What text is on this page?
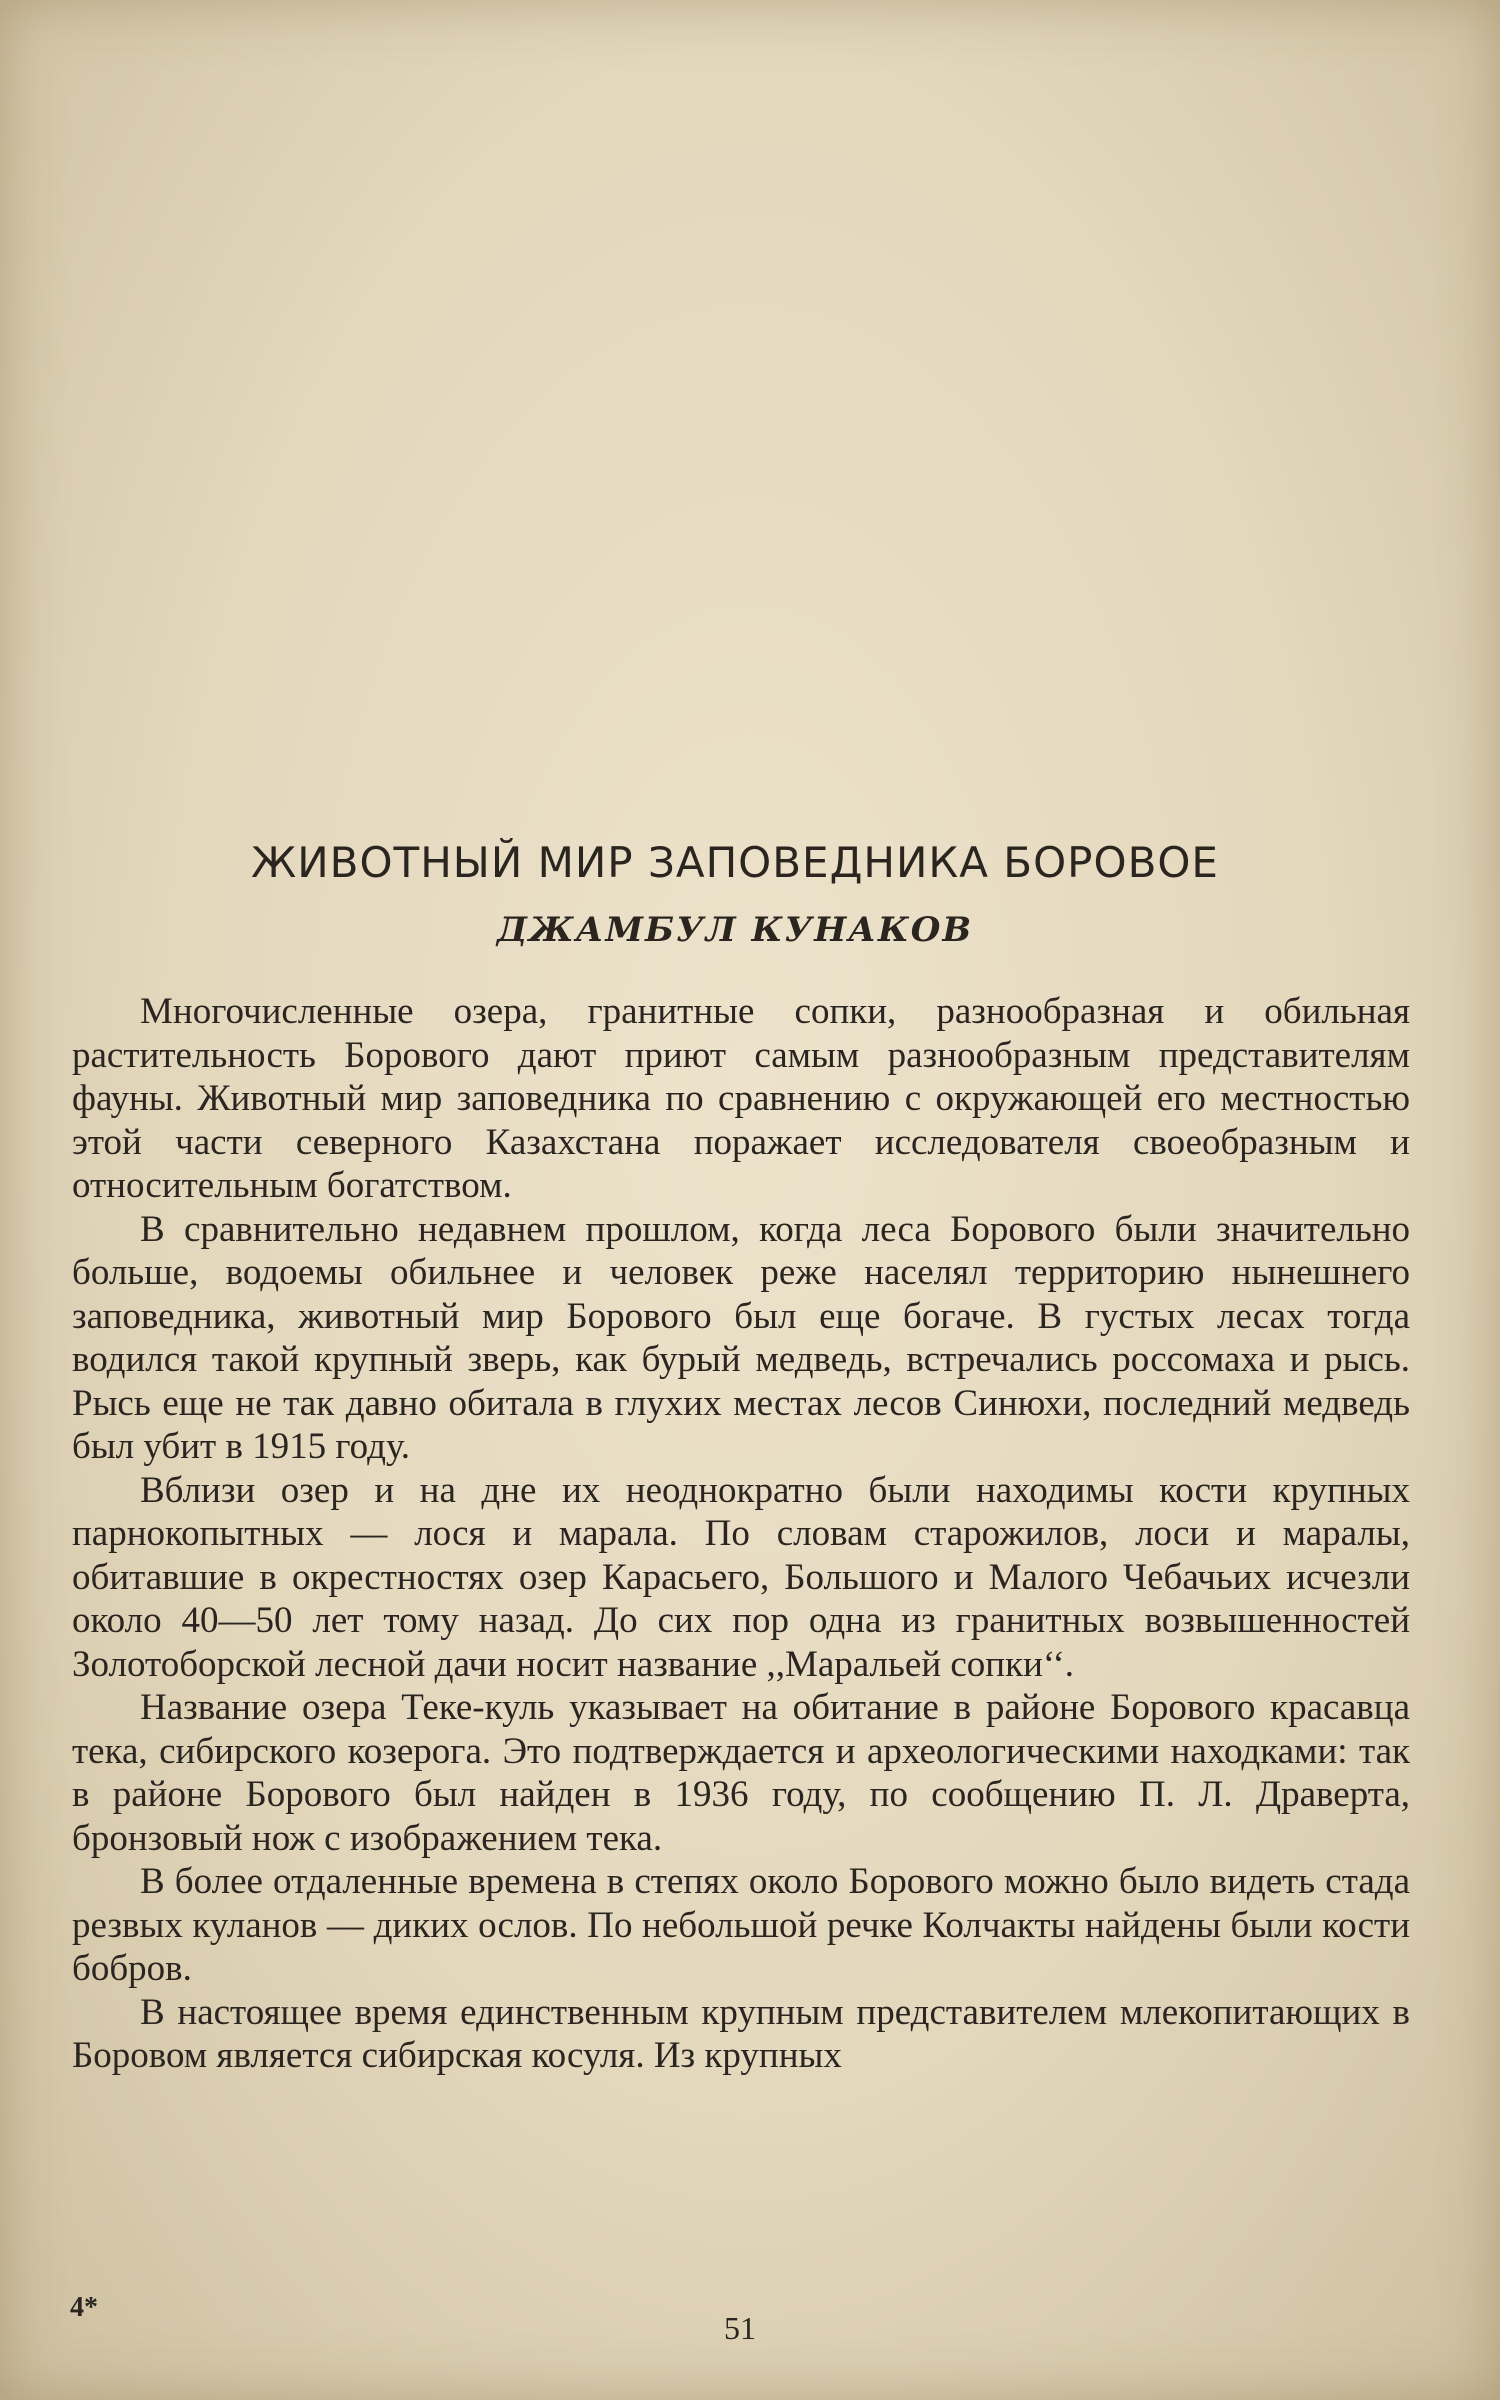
ЖИВОТНЫЙ МИР ЗАПОВЕДНИКА БОРОВОЕ
ДЖАМБУЛ КУНАКОВ

Многочисленные озера, гранитные сопки, разнообразная и обильная растительность Борового дают приют самым разнообразным представителям фауны. Животный мир заповедника по сравнению с окружающей его местностью этой части северного Казахстана поражает исследователя своеобразным и относительным богатством.

В сравнительно недавнем прошлом, когда леса Борового были значительно больше, водоемы обильнее и человек реже населял территорию нынешнего заповедника, животный мир Борового был еще богаче. В густых лесах тогда водился такой крупный зверь, как бурый медведь, встречались россомаха и рысь. Рысь еще не так давно обитала в глухих местах лесов Синюхи, последний медведь был убит в 1915 году.

Вблизи озер и на дне их неоднократно были находимы кости крупных парнокопытных — лося и марала. По словам старожилов, лоси и маралы, обитавшие в окрестностях озер Карасьего, Большого и Малого Чебачьих исчезли около 40—50 лет тому назад. До сих пор одна из гранитных возвышенностей Золотоборской лесной дачи носит название ,,Маральей сопки‘‘.

Название озера Теке-куль указывает на обитание в районе Борового красавца тека, сибирского козерога. Это подтверждается и археологическими находками: так в районе Борового был найден в 1936 году, по сообщению П. Л. Драверта, бронзовый нож с изображением тека.

В более отдаленные времена в степях около Борового можно было видеть стада резвых куланов — диких ослов. По небольшой речке Колчакты найдены были кости бобров.

В настоящее время единственным крупным представителем млекопитающих в Боровом является сибирская косуля. Из крупных

4*
51
